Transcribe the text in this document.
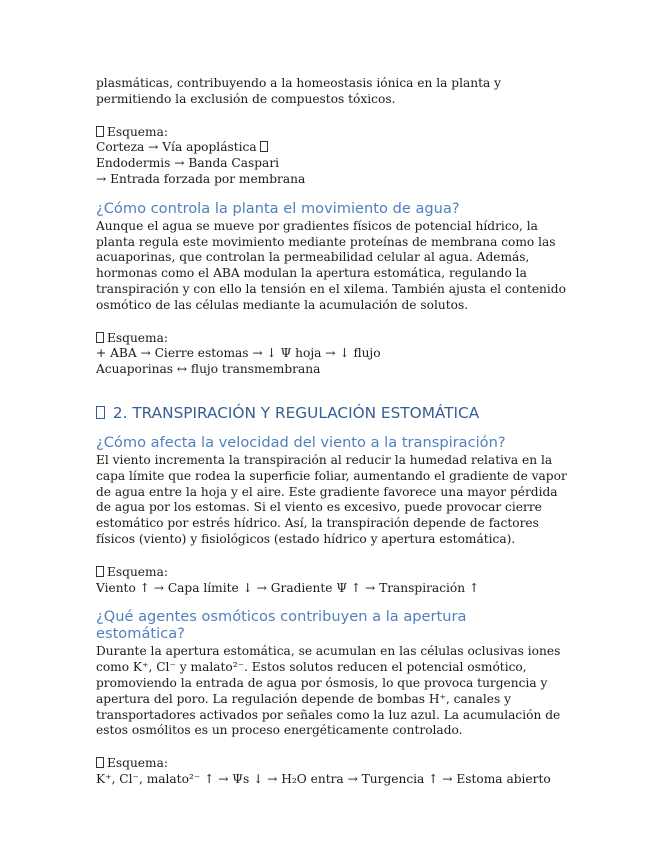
plasmáticas, contribuyendo a la homeostasis iónica en la planta y
permitiendo la exclusión de compuestos tóxicos.

Esquema:
Corteza → Vía apoplástica
Endodermis → Banda Caspari
→ Entrada forzada por membrana

¿Cómo controla la planta el movimiento de agua?

Aunque el agua se mueve por gradientes físicos de potencial hídrico, la
planta regula este movimiento mediante proteínas de membrana como las
acuaporinas, que controlan la permeabilidad celular al agua. Además,
hormonas como el ABA modulan la apertura estomática, regulando la
transpiración y con ello la tensión en el xilema. También ajusta el contenido
osmótico de las células mediante la acumulación de solutos.

Esquema:
+ ABA → Cierre estomas → ↓ Ψ hoja → ↓ flujo
Acuaporinas ↔ flujo transmembrana

2. TRANSPIRACIÓN Y REGULACIÓN ESTOMÁTICA
¿Cómo afecta la velocidad del viento a la transpiración?

El viento incrementa la transpiración al reducir la humedad relativa en la
capa límite que rodea la superficie foliar, aumentando el gradiente de vapor
de agua entre la hoja y el aire. Este gradiente favorece una mayor pérdida
de agua por los estomas. Si el viento es excesivo, puede provocar cierre
estomático por estrés hídrico. Así, la transpiración depende de factores
físicos (viento) y fisiológicos (estado hídrico y apertura estomática).

Esquema:
Viento ↑ → Capa límite ↓ → Gradiente Ψ ↑ → Transpiración ↑

¿Qué agentes osmóticos contribuyen a la apertura
estomática?

Durante la apertura estomática, se acumulan en las células oclusivas iones
como K⁺, Cl⁻ y malato²⁻. Estos solutos reducen el potencial osmótico,
promoviendo la entrada de agua por ósmosis, lo que provoca turgencia y
apertura del poro. La regulación depende de bombas H⁺, canales y
transportadores activados por señales como la luz azul. La acumulación de
estos osmólitos es un proceso energéticamente controlado.

Esquema:
K⁺, Cl⁻, malato²⁻ ↑ → Ψs ↓ → H₂O entra → Turgencia ↑ → Estoma abierto
